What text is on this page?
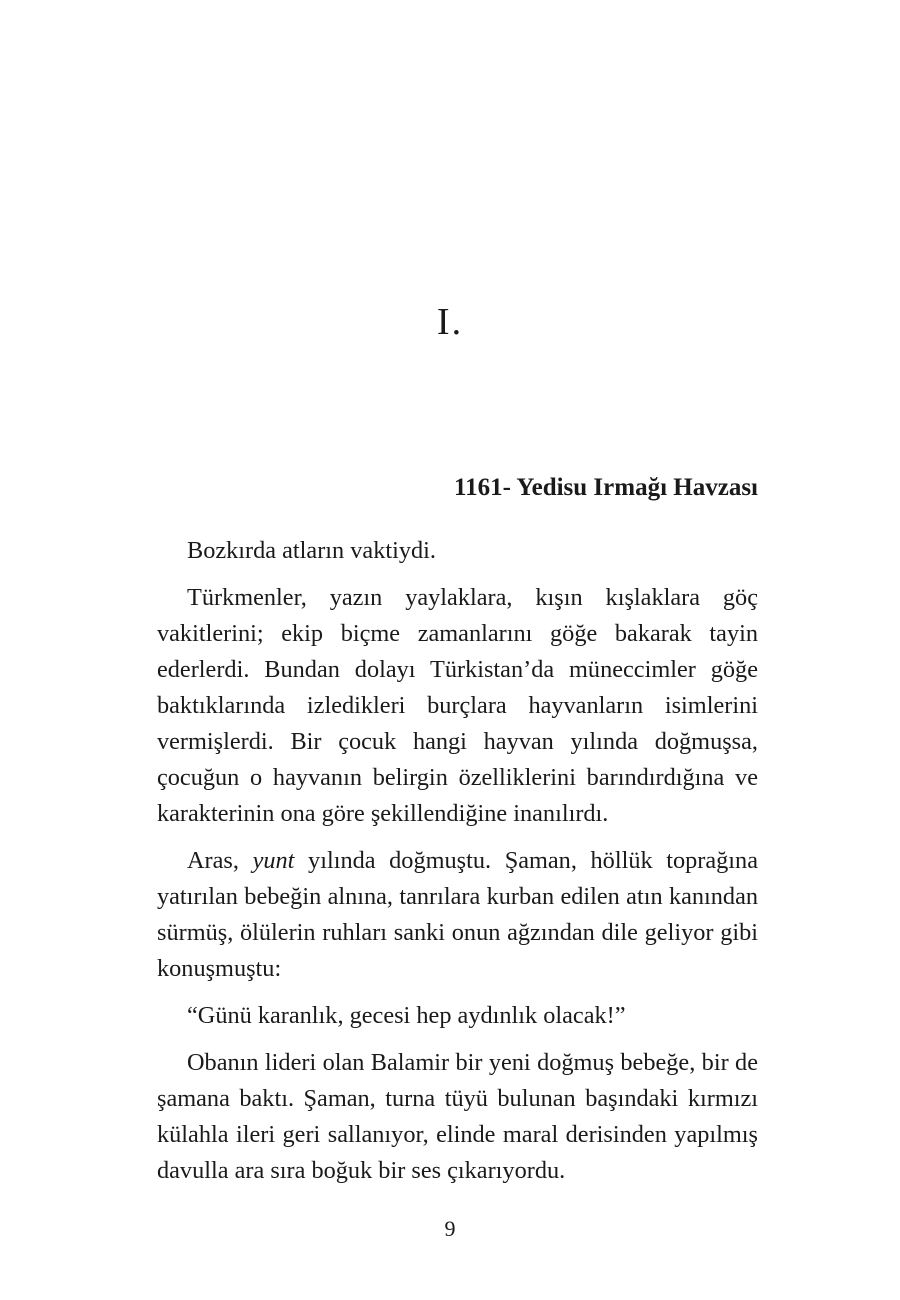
I.
1161- Yedisu Irmağı Havzası

Bozkırda atların vaktiydi.

Türkmenler, yazın yaylaklara, kışın kışlaklara göç vakitlerini; ekip biçme zamanlarını göğe bakarak tayin ederlerdi. Bundan dolayı Türkistan’da müneccimler göğe baktıklarında izledikleri burçlara hayvanların isimlerini vermişlerdi. Bir çocuk hangi hayvan yılında doğmuşsa, çocuğun o hayvanın belirgin özelliklerini barındırdığına ve karakterinin ona göre şekillendiğine inanılırdı.

Aras, yunt yılında doğmuştu. Şaman, höllük toprağına yatırılan bebeğin alnına, tanrılara kurban edilen atın kanından sürmüş, ölülerin ruhları sanki onun ağzından dile geliyor gibi konuşmuştu:

“Günü karanlık, gecesi hep aydınlık olacak!”

Obanın lideri olan Balamir bir yeni doğmuş bebeğe, bir de şamana baktı. Şaman, turna tüyü bulunan başındaki kırmızı külahla ileri geri sallanıyor, elinde maral derisinden yapılmış davulla ara sıra boğuk bir ses çıkarıyordu.

9
